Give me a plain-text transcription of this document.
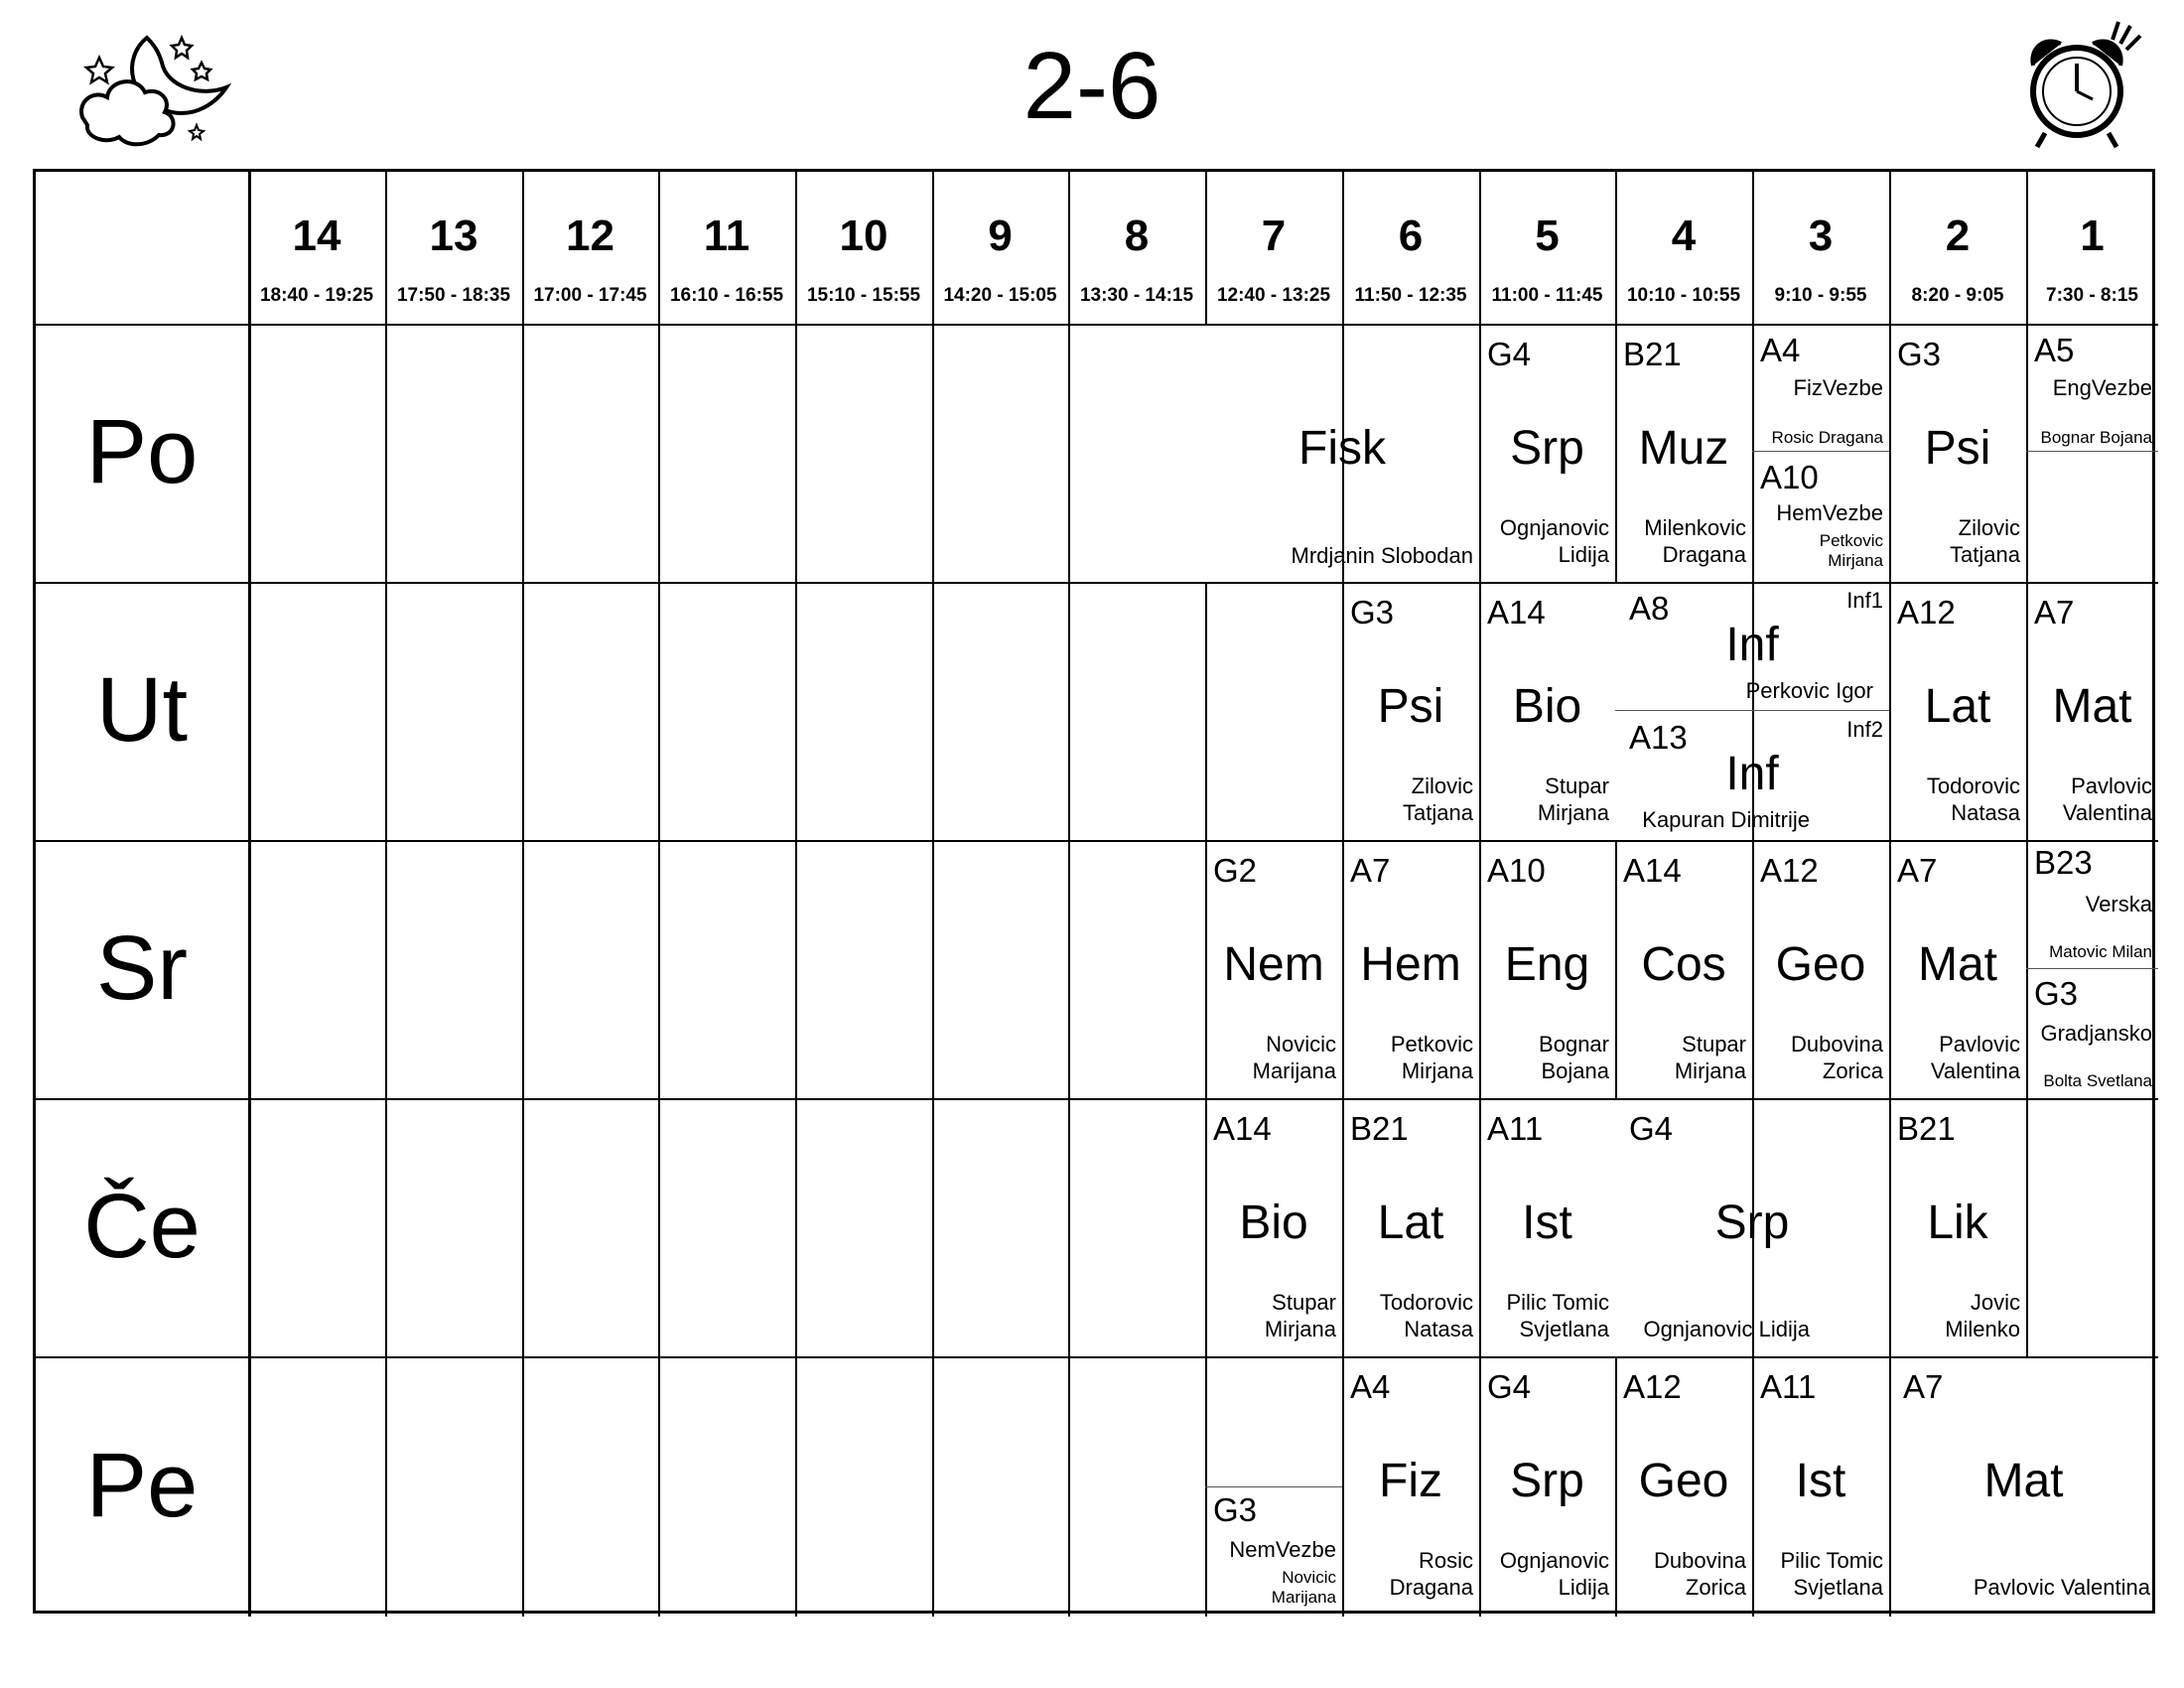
2-6
14
18:40 - 19:25
13
17:50 - 18:35
12
17:00 - 17:45
11
16:10 - 16:55
10
15:10 - 15:55
9
14:20 - 15:05
8
13:30 - 14:15
7
12:40 - 13:25
6
11:50 - 12:35
5
11:00 - 11:45
4
10:10 - 10:55
3
9:10 - 9:55
2
8:20 - 9:05
1
7:30 - 8:15
Po
Ut
Sr
Če
Pe
Fisk
Mrdjanin Slobodan
G4
Srp
Ognjanovic
Lidija
B21
Muz
Milenkovic
Dragana
G3
Psi
Zilovic
Tatjana
A4
FizVezbe
Rosic Dragana
A10
HemVezbe
Petkovic
Mirjana
A5
EngVezbe
Bognar Bojana
G3
Psi
Zilovic
Tatjana
A14
Bio
Stupar
Mirjana
A12
Lat
Todorovic
Natasa
A7
Mat
Pavlovic
Valentina
A8	Inf1
Inf
Perkovic Igor
A13	Inf2
Inf
Kapuran Dimitrije
G2
Nem
Novicic
Marijana
A7
Hem
Petkovic
Mirjana
A10
Eng
Bognar
Bojana
A14
Cos
Stupar
Mirjana
A12
Geo
Dubovina
Zorica
A7
Mat
Pavlovic
Valentina
B23
Verska
Matovic Milan
G3
Gradjansko
Bolta Svetlana
A14
Bio
Stupar
Mirjana
B21
Lat
Todorovic
Natasa
A11
Ist
Pilic Tomic
Svjetlana
B21
Lik
Jovic
Milenko
G4
Srp
Ognjanovic Lidija
A4
Fiz
Rosic
Dragana
G4
Srp
Ognjanovic
Lidija
A12
Geo
Dubovina
Zorica
A11
Ist
Pilic Tomic
Svjetlana
G3
NemVezbe
Novicic
Marijana
A7
Mat
Pavlovic Valentina
